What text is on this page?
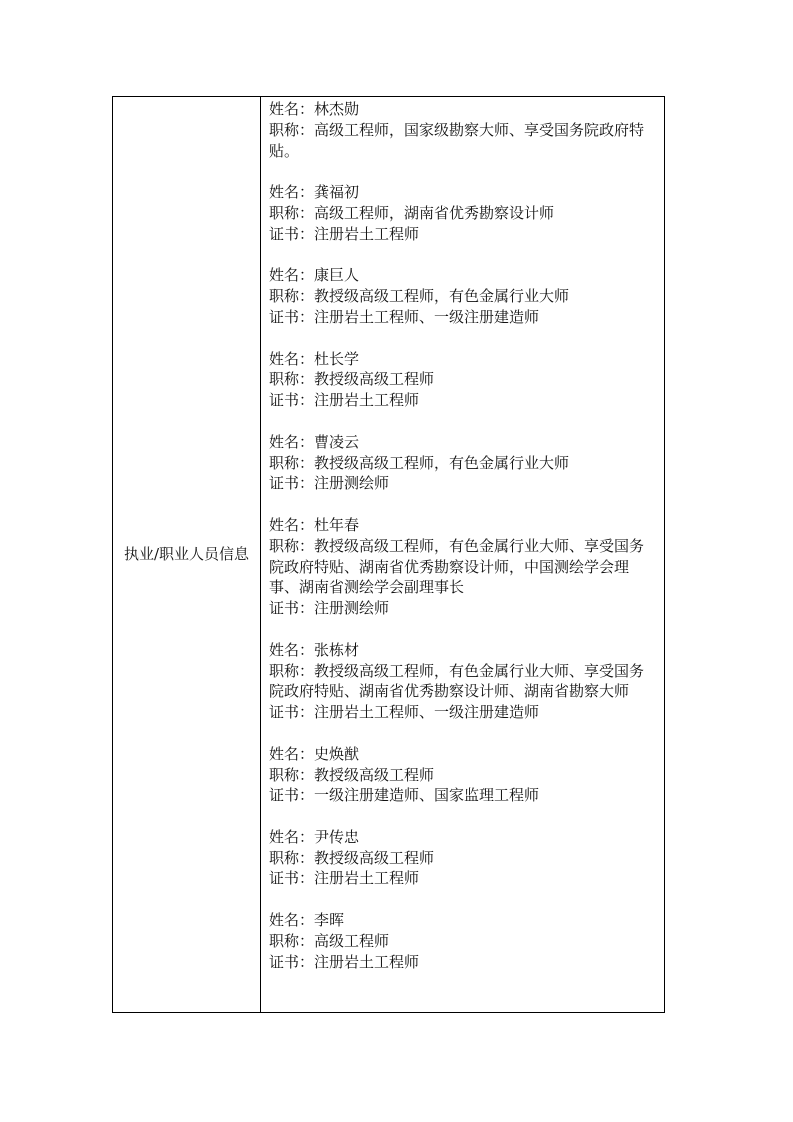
执业/职业人员信息
姓名：林杰勋
职称：高级工程师，国家级勘察大师、享受国务院政府特贴。
姓名：龚福初
职称：高级工程师，湖南省优秀勘察设计师
证书：注册岩土工程师
姓名：康巨人
职称：教授级高级工程师，有色金属行业大师
证书：注册岩土工程师、一级注册建造师
姓名：杜长学
职称：教授级高级工程师
证书：注册岩土工程师
姓名：曹凌云
职称：教授级高级工程师，有色金属行业大师
证书：注册测绘师
姓名：杜年春
职称：教授级高级工程师，有色金属行业大师、享受国务院政府特贴、湖南省优秀勘察设计师，中国测绘学会理事、湖南省测绘学会副理事长
证书：注册测绘师
姓名：张栋材
职称：教授级高级工程师，有色金属行业大师、享受国务院政府特贴、湖南省优秀勘察设计师、湖南省勘察大师
证书：注册岩土工程师、一级注册建造师
姓名：史焕猷
职称：教授级高级工程师
证书：一级注册建造师、国家监理工程师
姓名：尹传忠
职称：教授级高级工程师
证书：注册岩土工程师
姓名：李晖
职称：高级工程师
证书：注册岩土工程师
